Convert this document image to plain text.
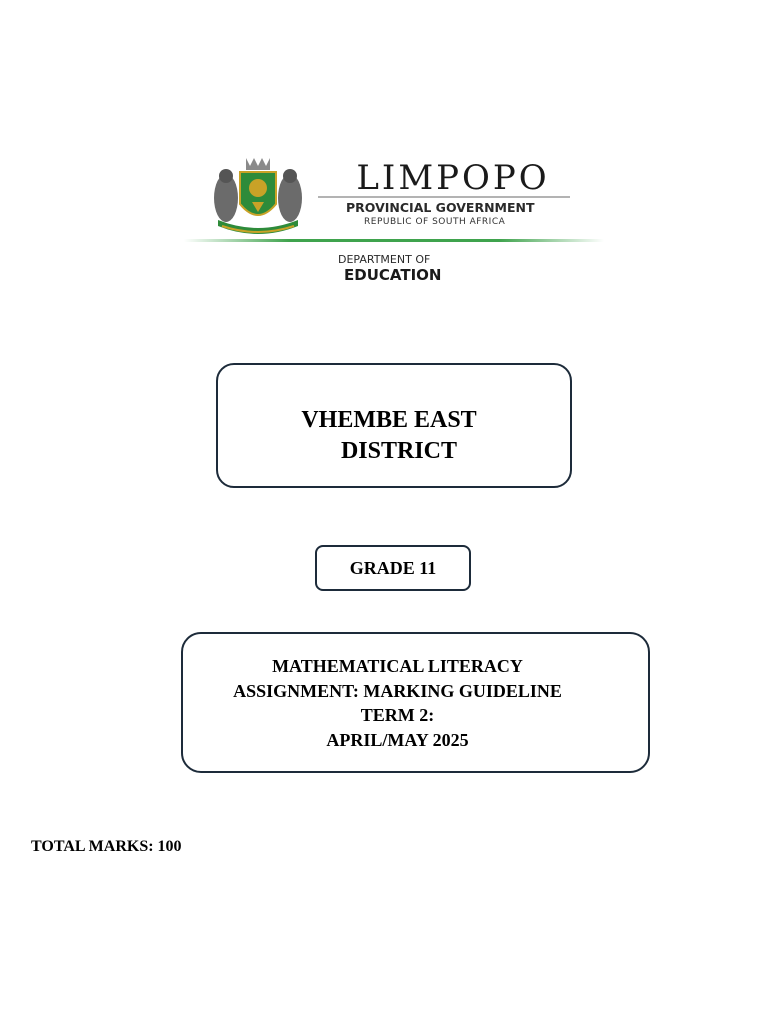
LIMPOPO
PROVINCIAL GOVERNMENT
REPUBLIC OF SOUTH AFRICA
DEPARTMENT OF
EDUCATION
VHEMBE EAST
DISTRICT
GRADE 11
MATHEMATICAL LITERACY
ASSIGNMENT: MARKING GUIDELINE
TERM 2:
APRIL/MAY 2025
TOTAL MARKS: 100
